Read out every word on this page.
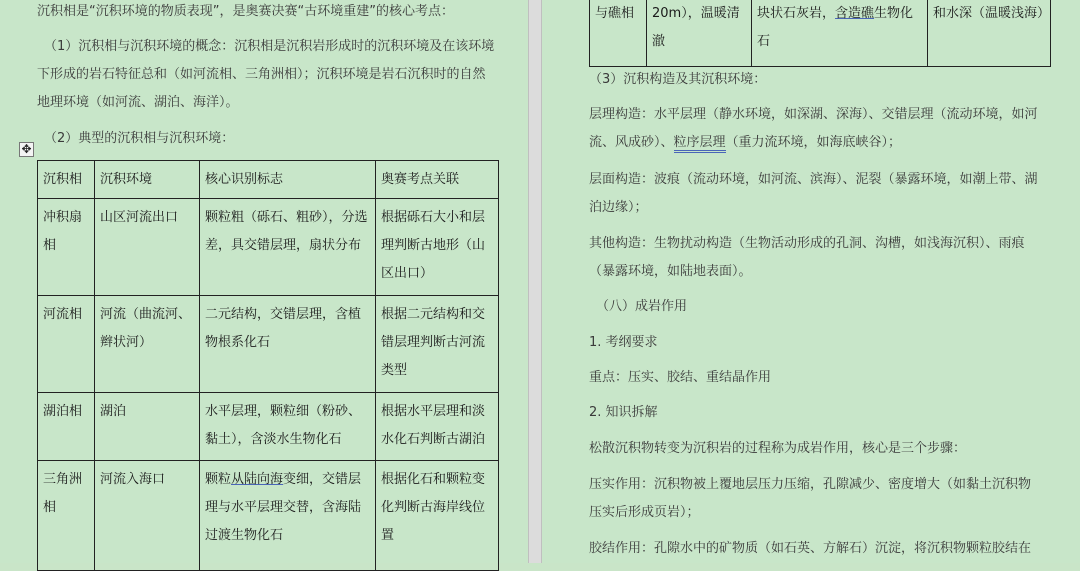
沉积相是“沉积环境的物质表现”，是奥赛决赛“古环境重建”的核心考点：
（1）沉积相与沉积环境的概念：沉积相是沉积岩形成时的沉积环境及在该环境
下形成的岩石特征总和（如河流相、三角洲相）；沉积环境是岩石沉积时的自然
地理环境（如河流、湖泊、海洋）。
（2）典型的沉积相与沉积环境：
✥
沉积相	沉积环境	核心识别标志	奥赛考点关联
冲积扇相	山区河流出口	颗粒粗（砾石、粗砂），分选差，具交错层理，扇状分布	根据砾石大小和层理判断古地形（山区出口）
河流相	河流（曲流河、辫状河）	二元结构，交错层理，含植物根系化石	根据二元结构和交错层理判断古河流类型
湖泊相	湖泊	水平层理，颗粒细（粉砂、黏土），含淡水生物化石	根据水平层理和淡水化石判断古湖泊
三角洲相	河流入海口	颗粒从陆向海变细，交错层理与水平层理交替，含海陆过渡生物化石	根据化石和颗粒变化判断古海岸线位置
（3）沉积构造及其沉积环境：
层理构造：水平层理（静水环境，如深湖、深海）、交错层理（流动环境，如河
流、风成砂）、粒序层理（重力流环境，如海底峡谷）；
层面构造：波痕（流动环境，如河流、滨海）、泥裂（暴露环境，如潮上带、湖
泊边缘）；
其他构造：生物扰动构造（生物活动形成的孔洞、沟槽，如浅海沉积）、雨痕
（暴露环境，如陆地表面）。
（八）成岩作用
1. 考纲要求
重点：压实、胶结、重结晶作用
2. 知识拆解
松散沉积物转变为沉积岩的过程称为成岩作用，核心是三个步骤：
压实作用：沉积物被上覆地层压力压缩，孔隙减少、密度增大（如黏土沉积物
压实后形成页岩）；
胶结作用：孔隙水中的矿物质（如石英、方解石）沉淀，将沉积物颗粒胶结在
与礁相	20m），温暖清澈	块状石灰岩，含造礁生物化石	和水深（温暖浅海）
